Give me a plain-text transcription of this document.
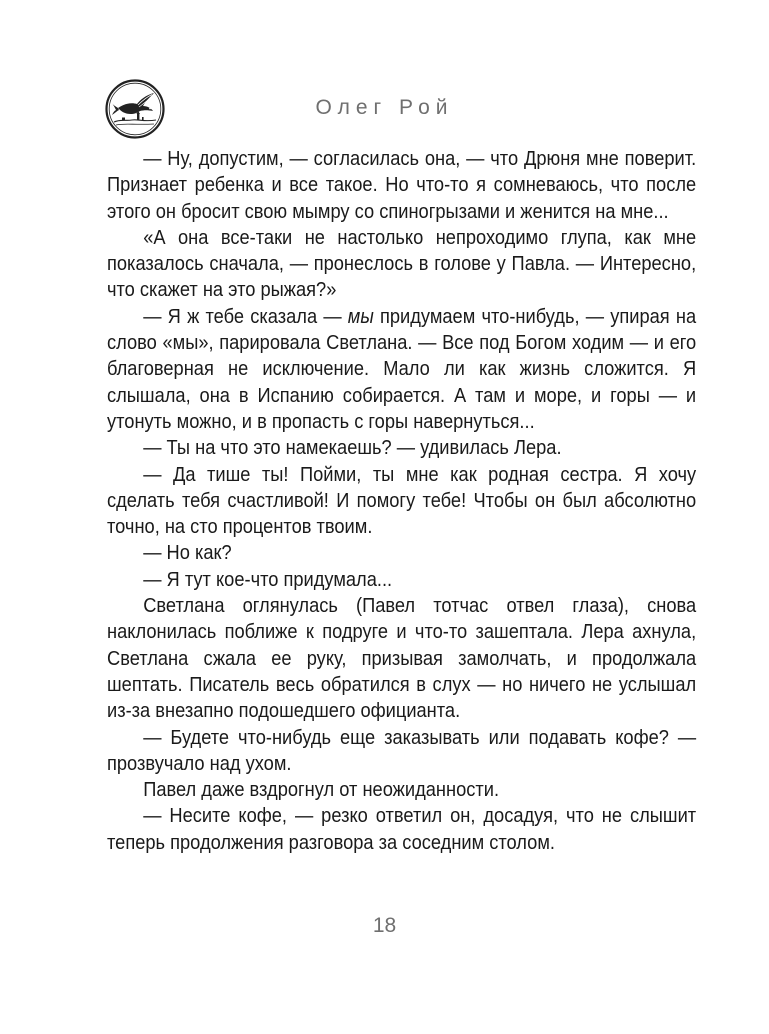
Олег Рой

— Ну, допустим, — согласилась она, — что Дрюня мне поверит. Признает ребенка и все такое. Но что-то я сомневаюсь, что после этого он бросит свою мымру со спиногрызами и женится на мне...

«А она все-таки не настолько непроходимо глупа, как мне показалось сначала, — пронеслось в голове у Павла. — Интересно, что скажет на это рыжая?»

— Я ж тебе сказала — мы придумаем что-нибудь, — упирая на слово «мы», парировала Светлана. — Все под Богом ходим — и его благоверная не исключение. Мало ли как жизнь сложится. Я слышала, она в Испанию собирается. А там и море, и горы — и утонуть можно, и в пропасть с горы навернуться...

— Ты на что это намекаешь? — удивилась Лера.

— Да тише ты! Пойми, ты мне как родная сестра. Я хочу сделать тебя счастливой! И помогу тебе! Чтобы он был абсолютно точно, на сто процентов твоим.

— Но как?

— Я тут кое-что придумала...

Светлана оглянулась (Павел тотчас отвел глаза), снова наклонилась поближе к подруге и что-то зашептала. Лера ахнула, Светлана сжала ее руку, призывая замолчать, и продолжала шептать. Писатель весь обратился в слух — но ничего не услышал из-за внезапно подошедшего официанта.

— Будете что-нибудь еще заказывать или подавать кофе? — прозвучало над ухом.

Павел даже вздрогнул от неожиданности.

— Несите кофе, — резко ответил он, досадуя, что не слышит теперь продолжения разговора за соседним столом.

18
